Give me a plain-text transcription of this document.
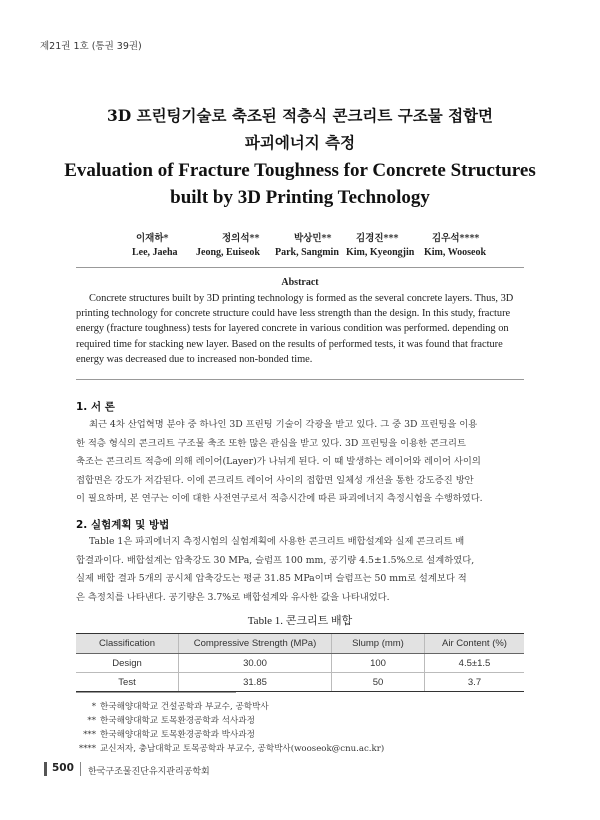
제21권 1호 (통권 39권)
3D 프린팅기술로 축조된 적층식 콘크리트 구조물 접합면
파괴에너지 측정
Evaluation of Fracture Toughness for Concrete Structures
built by 3D Printing Technology
이재하*	정의석**	박상민**	김경진***	김우석****
Lee, Jaeha Jeong, Euiseok Park, Sangmin Kim, Kyeongjin Kim, Wooseok
Abstract
Concrete structures built by 3D printing technology is formed as the several concrete layers. Thus, 3D
printing technology for concrete structure could have less strength than the design. In this study, fracture
energy (fracture toughness) tests for layered concrete in various condition was performed. depending on
required time for stacking new layer. Based on the results of performed tests, it was found that fracture
energy was decreased due to increased non-bonded time.
1. 서 론
최근 4차 산업혁명 분야 중 하나인 3D 프린팅 기술이 각광을 받고 있다. 그 중 3D 프린팅을 이용
한 적층 형식의 콘크리트 구조물 축조 또한 많은 관심을 받고 있다. 3D 프린팅을 이용한 콘크리트
축조는 콘크리트 적층에 의해 레이어(Layer)가 나뉘게 된다. 이 때 발생하는 레이어와 레이어 사이의
접합면은 강도가 저감된다. 이에 콘크리트 레이어 사이의 접합면 일체성 개선을 통한 강도증진 방안
이 필요하며, 본 연구는 이에 대한 사전연구로서 적층시간에 따른 파괴에너지 측정시험을 수행하였다.
2. 실험계획 및 방법
Table 1은 파괴에너지 측정시험의 실험계획에 사용한 콘크리트 배합설계와 실제 콘크리트 배
합결과이다. 배합설계는 압축강도 30 MPa, 슬럼프 100 mm, 공기량 4.5±1.5%으로 설계하였다,
실제 배합 결과 5개의 공시체 압축강도는 평균 31.85 MPa이며 슬럼프는 50 mm로 설계보다 적
은 측정치를 나타낸다. 공기량은 3.7%로 배합설계와 유사한 값을 나타내었다.
Table 1. 콘크리트 배합
Classification	Compressive Strength (MPa)	Slump (mm)	Air Content (%)
Design	30.00	100	4.5±1.5
Test	31.85	50	3.7
* 한국해양대학교 건설공학과 부교수, 공학박사
** 한국해양대학교 토목환경공학과 석사과정
*** 한국해양대학교 토목환경공학과 박사과정
**** 교신저자, 충남대학교 토목공학과 부교수, 공학박사(wooseok@cnu.ac.kr)
500 한국구조물진단유지관리공학회
